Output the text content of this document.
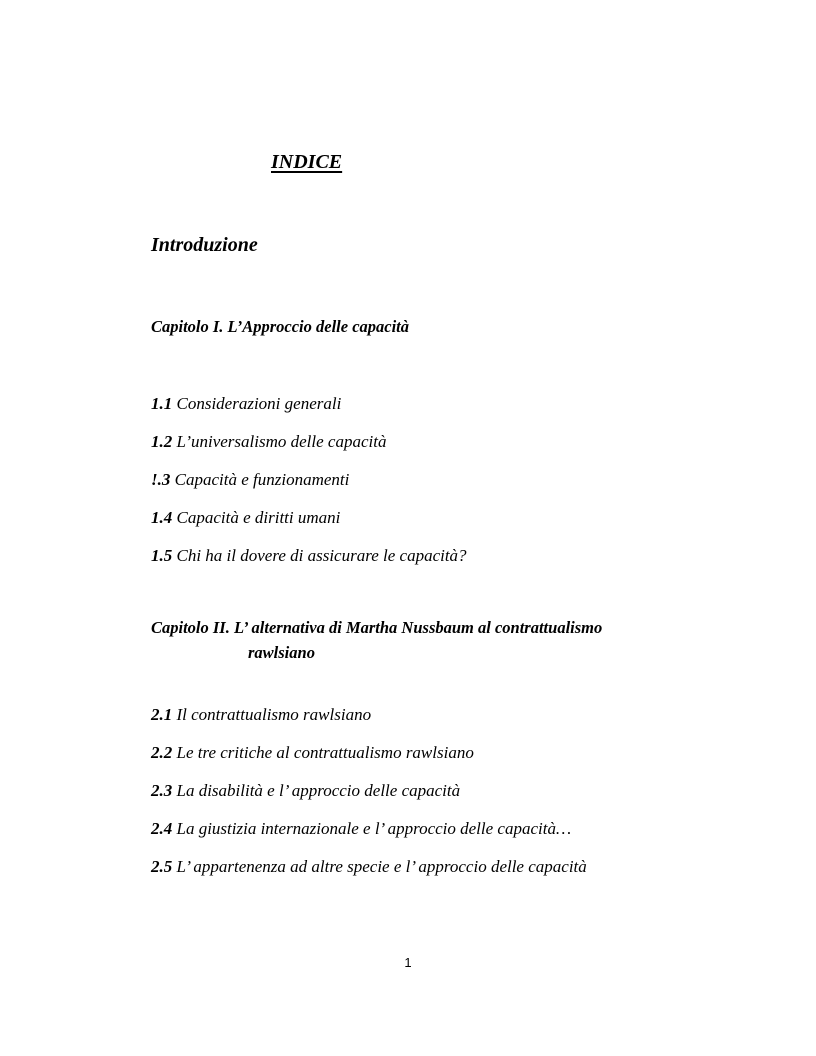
INDICE
Introduzione
Capitolo I. L’Approccio delle capacità
1.1 Considerazioni generali
1.2 L’universalismo delle capacità
!.3 Capacità e funzionamenti
1.4 Capacità e diritti umani
1.5 Chi ha il dovere di assicurare le capacità?
Capitolo II. L’ alternativa di Martha Nussbaum al contrattualismo
rawlsiano
2.1 Il contrattualismo rawlsiano
2.2 Le tre critiche al contrattualismo rawlsiano
2.3 La disabilità e l’ approccio delle capacità
2.4 La giustizia internazionale e l’ approccio delle capacità…
2.5 L’ appartenenza ad altre specie e l’ approccio delle capacità
1
